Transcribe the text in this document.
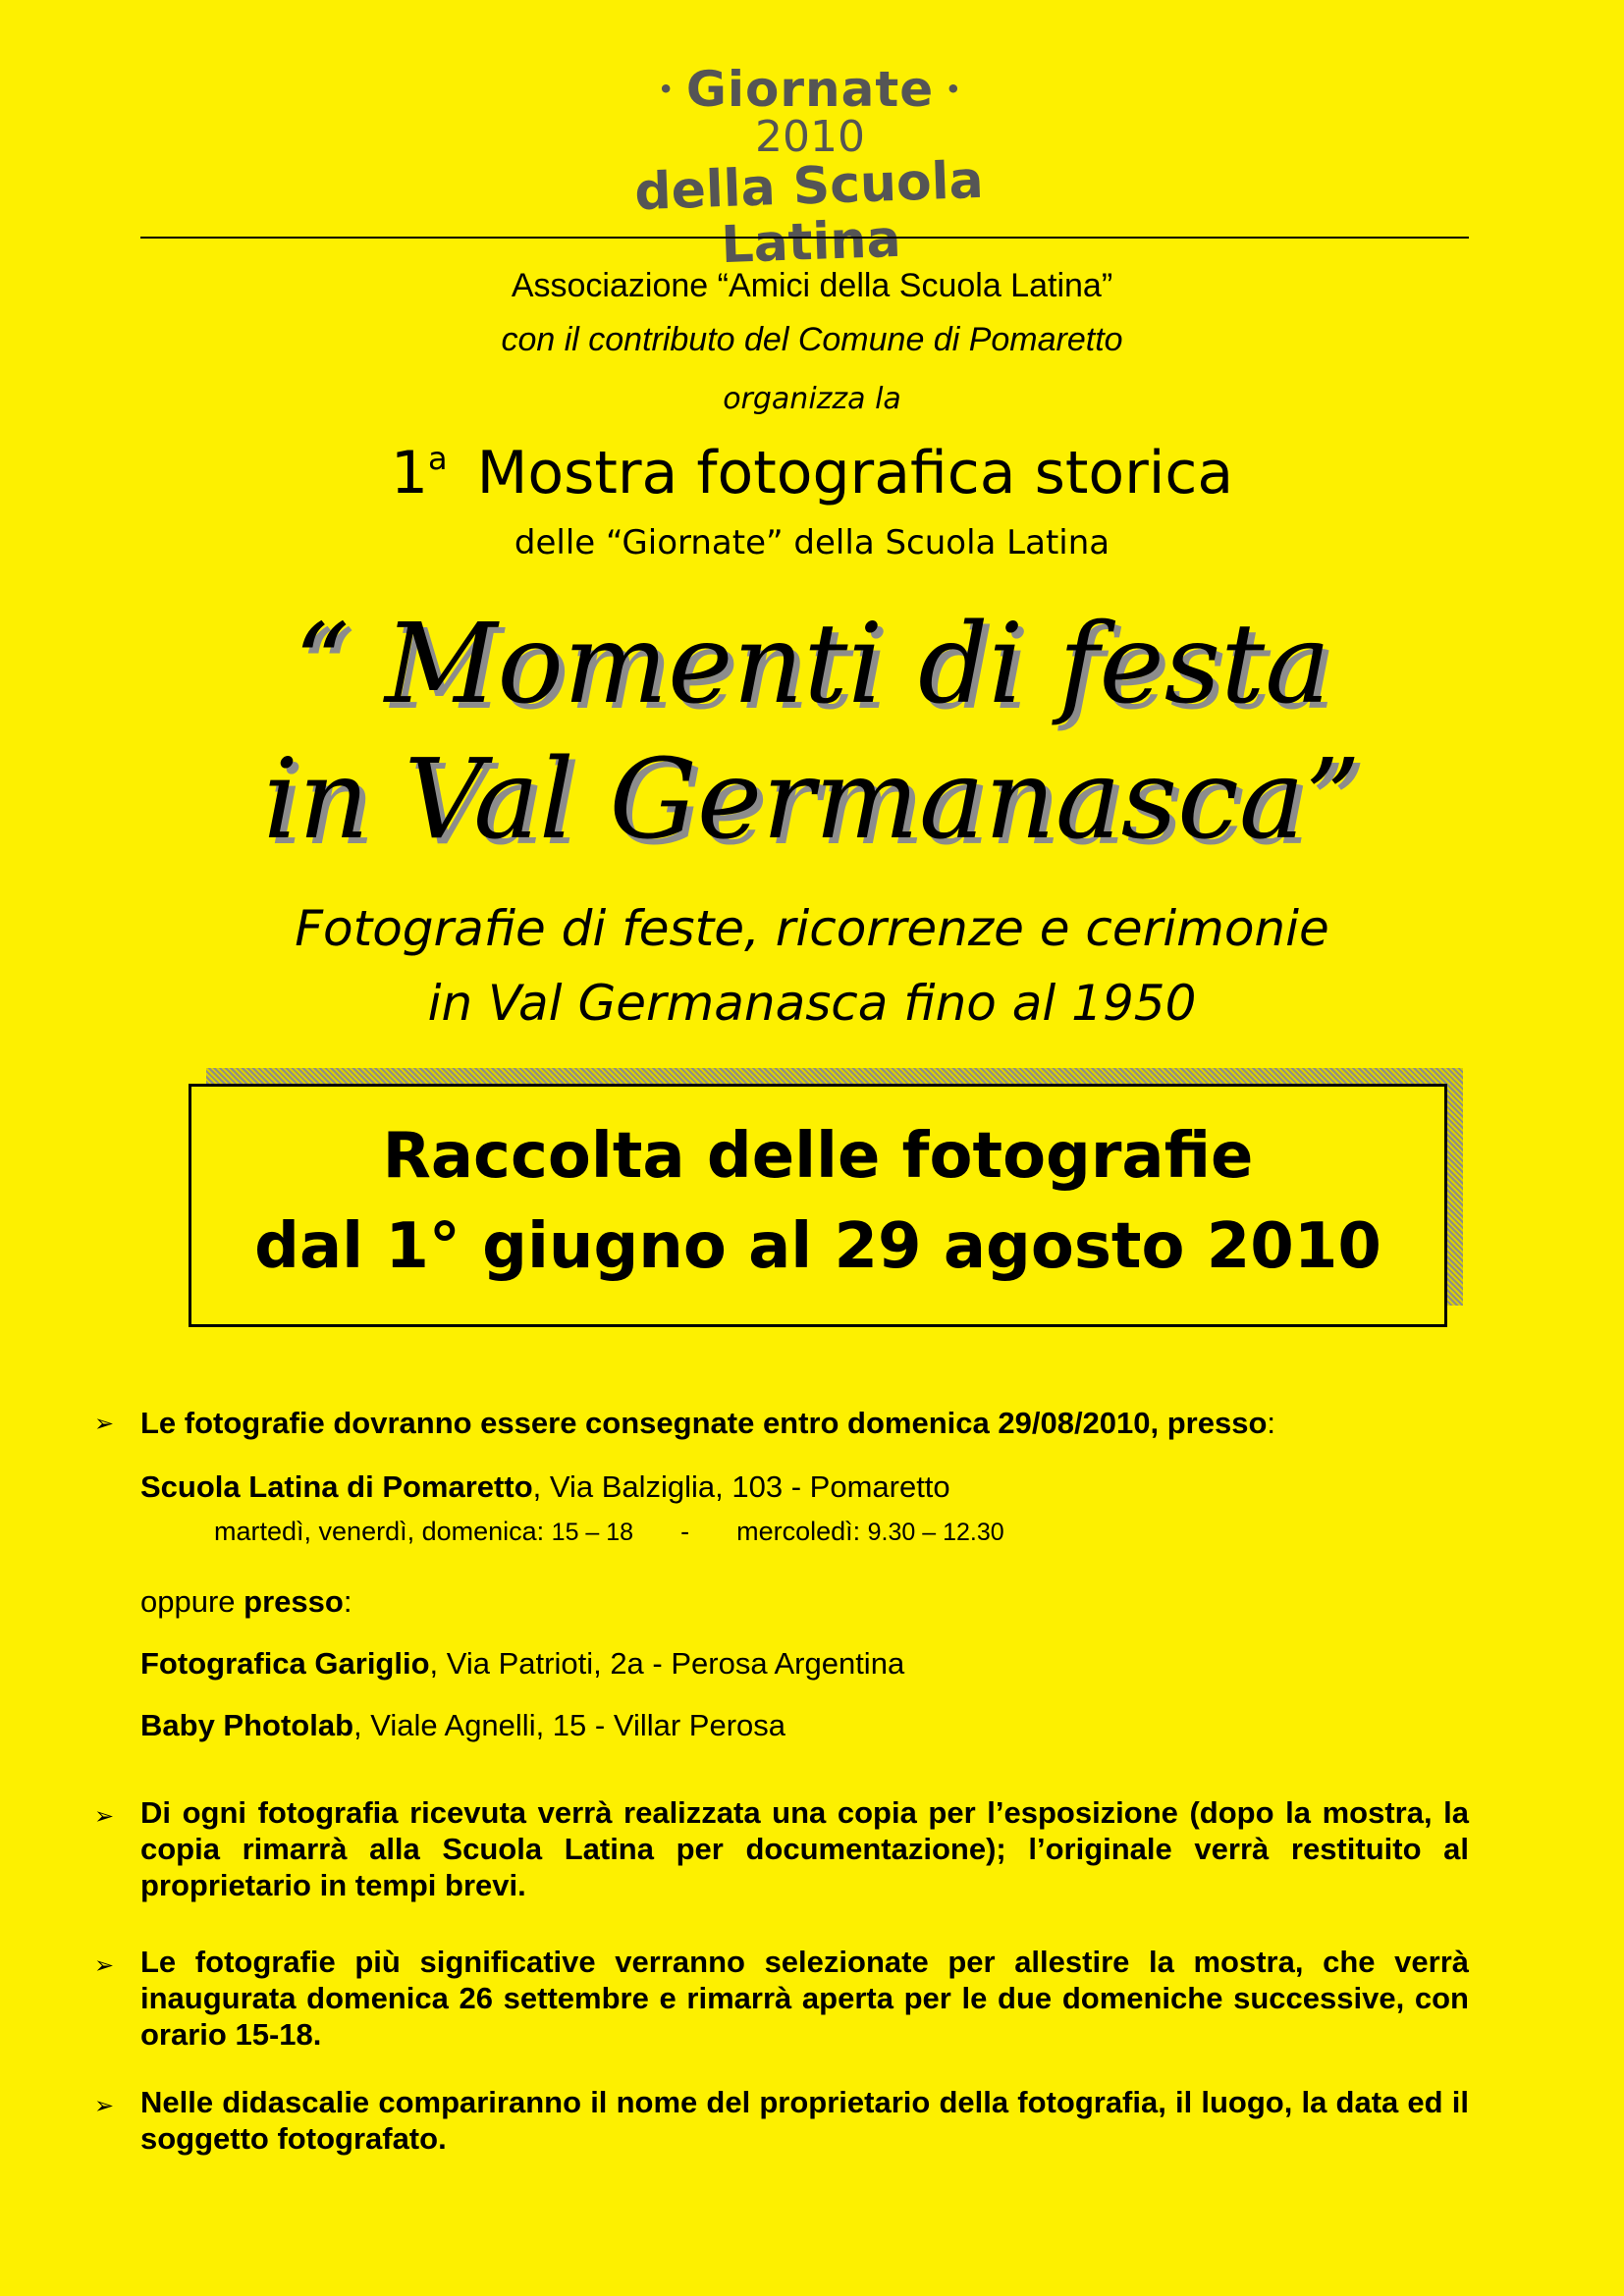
• Giornate •
2010
della Scuola Latina
Associazione “Amici della Scuola Latina”
con il contributo del Comune di Pomaretto
organizza la
1$^a$ Mostra fotografica storica
delle “Giornate” della Scuola Latina
“ Momenti di festa
in Val Germanasca”
Fotografie di feste, ricorrenze e cerimonie
in Val Germanasca fino al 1950
Raccolta delle fotografie
dal 1° giugno al 29 agosto 2010
➢ Le fotografie dovranno essere consegnate entro domenica 29/08/2010, presso:
Scuola Latina di Pomaretto, Via Balziglia, 103 - Pomaretto
martedì, venerdì, domenica: 15 – 18 - mercoledì: 9.30 – 12.30
oppure presso:
Fotografica Gariglio, Via Patrioti, 2a - Perosa Argentina
Baby Photolab, Viale Agnelli, 15 - Villar Perosa
➢ Di ogni fotografia ricevuta verrà realizzata una copia per l’esposizione (dopo la mostra, la copia rimarrà alla Scuola Latina per documentazione); l’originale verrà restituito al proprietario in tempi brevi.
➢ Le fotografie più significative verranno selezionate per allestire la mostra, che verrà inaugurata domenica 26 settembre e rimarrà aperta per le due domeniche successive, con orario 15-18.
➢ Nelle didascalie compariranno il nome del proprietario della fotografia, il luogo, la data ed il soggetto fotografato.
